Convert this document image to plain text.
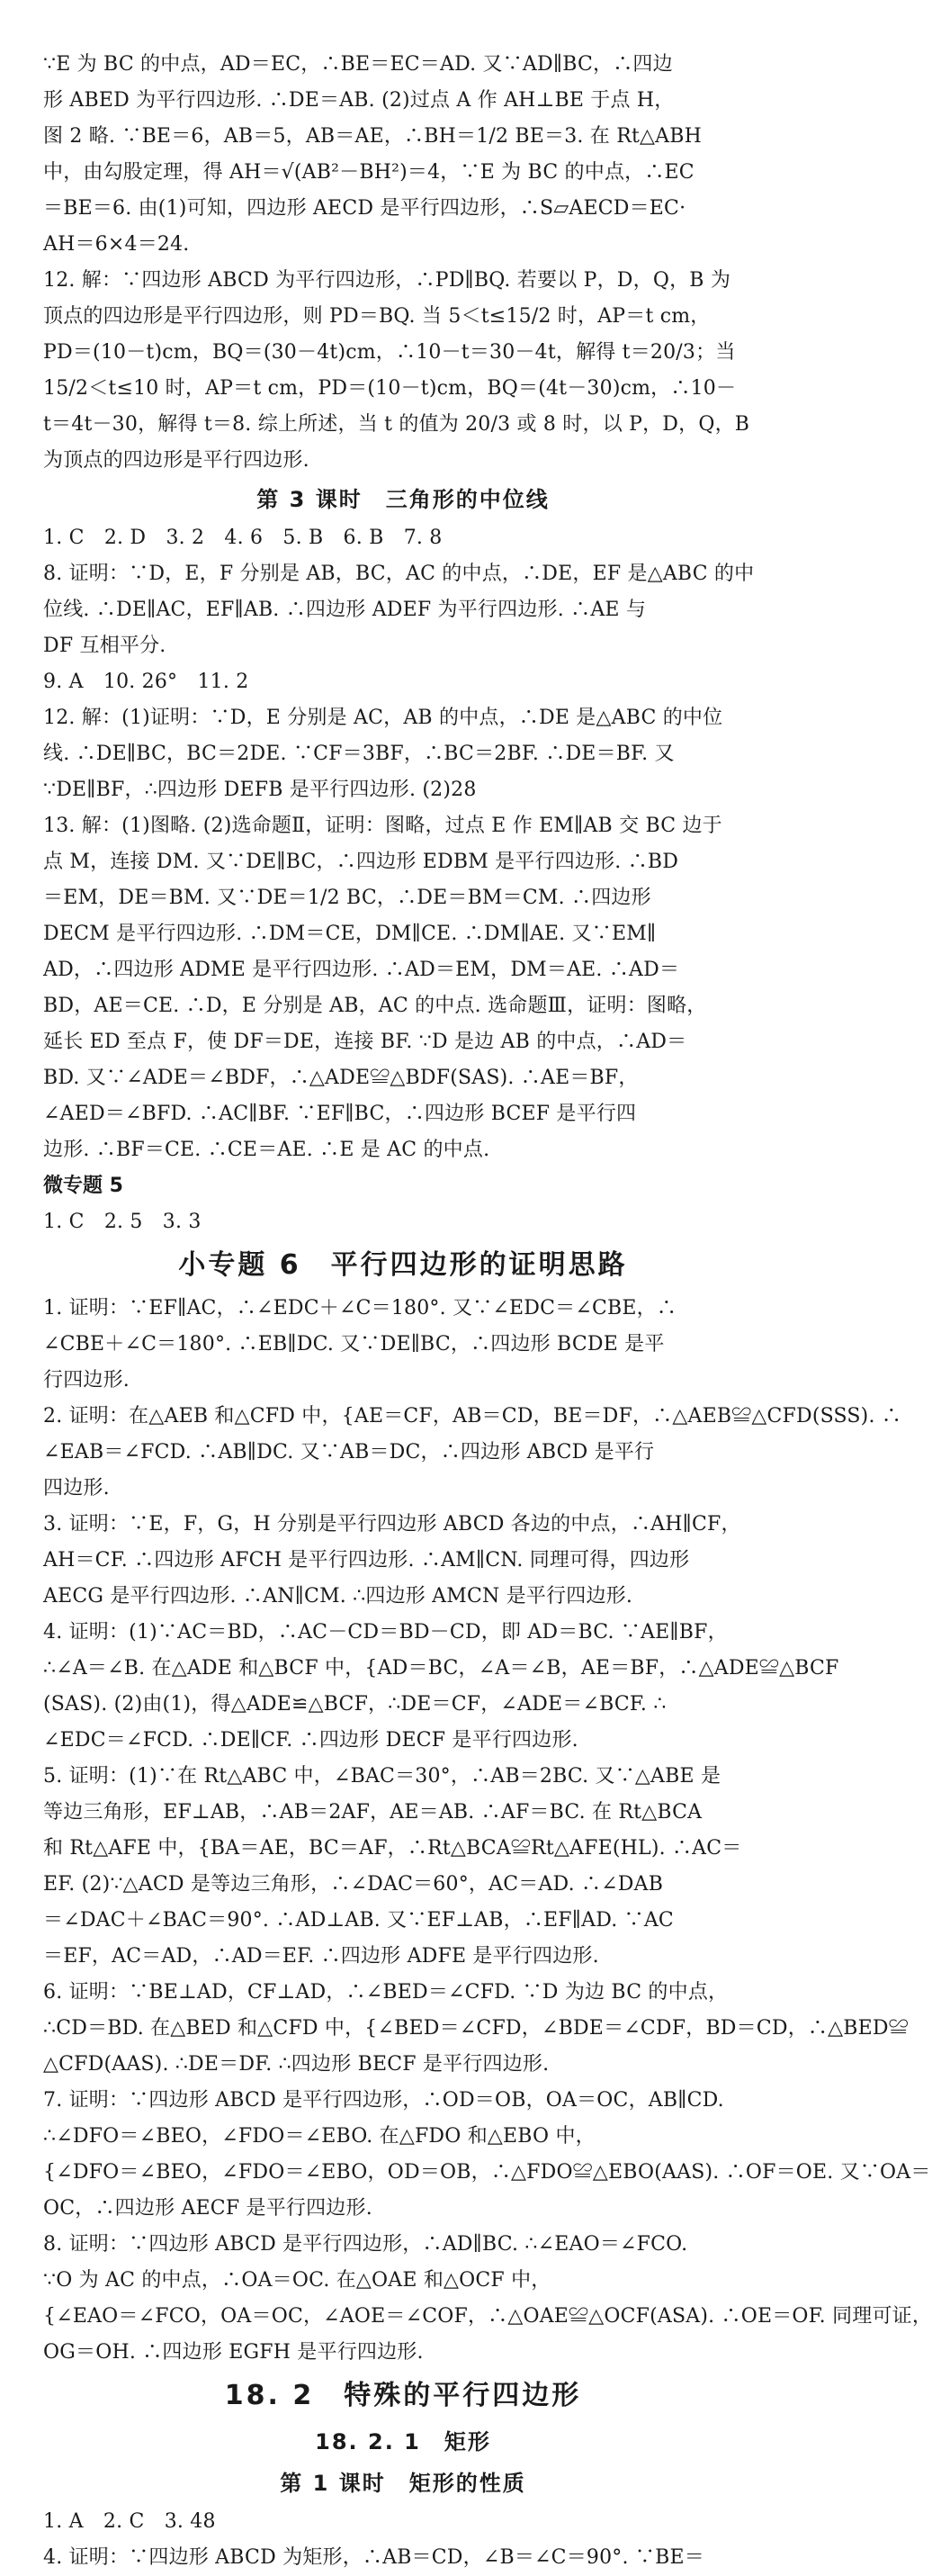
∵E 为 BC 的中点，AD＝EC，∴BE＝EC＝AD. 又∵AD∥BC，∴四边
形 ABED 为平行四边形. ∴DE＝AB. (2)过点 A 作 AH⊥BE 于点 H，
图 2 略. ∵BE＝6，AB＝5，AB＝AE，∴BH＝1/2 BE＝3. 在 Rt△ABH
中，由勾股定理，得 AH＝√(AB²－BH²)＝4，∵E 为 BC 的中点，∴EC
＝BE＝6. 由(1)可知，四边形 AECD 是平行四边形，∴S▱AECD＝EC·
AH＝6×4＝24.
12. 解：∵四边形 ABCD 为平行四边形，∴PD∥BQ. 若要以 P，D，Q，B 为
顶点的四边形是平行四边形，则 PD＝BQ. 当 5＜t≤15/2 时，AP＝t cm，
PD＝(10－t)cm，BQ＝(30－4t)cm，∴10－t＝30－4t，解得 t＝20/3；当
15/2＜t≤10 时，AP＝t cm，PD＝(10－t)cm，BQ＝(4t－30)cm，∴10－
t＝4t－30，解得 t＝8. 综上所述，当 t 的值为 20/3 或 8 时，以 P，D，Q，B
为顶点的四边形是平行四边形.
第 3 课时　三角形的中位线
1. C　2. D　3. 2　4. 6　5. B　6. B　7. 8
8. 证明：∵D，E，F 分别是 AB，BC，AC 的中点，∴DE，EF 是△ABC 的中
位线. ∴DE∥AC，EF∥AB. ∴四边形 ADEF 为平行四边形. ∴AE 与
DF 互相平分.
9. A　10. 26°　11. 2
12. 解：(1)证明：∵D，E 分别是 AC，AB 的中点，∴DE 是△ABC 的中位
线. ∴DE∥BC，BC＝2DE. ∵CF＝3BF，∴BC＝2BF. ∴DE＝BF. 又
∵DE∥BF，∴四边形 DEFB 是平行四边形. (2)28
13. 解：(1)图略. (2)选命题Ⅱ，证明：图略，过点 E 作 EM∥AB 交 BC 边于
点 M，连接 DM. 又∵DE∥BC，∴四边形 EDBM 是平行四边形. ∴BD
＝EM，DE＝BM. 又∵DE＝1/2 BC，∴DE＝BM＝CM. ∴四边形
DECM 是平行四边形. ∴DM＝CE，DM∥CE. ∴DM∥AE. 又∵EM∥
AD，∴四边形 ADME 是平行四边形. ∴AD＝EM，DM＝AE. ∴AD＝
BD，AE＝CE. ∴D，E 分别是 AB，AC 的中点. 选命题Ⅲ，证明：图略，
延长 ED 至点 F，使 DF＝DE，连接 BF. ∵D 是边 AB 的中点，∴AD＝
BD. 又∵∠ADE＝∠BDF，∴△ADE≌△BDF(SAS). ∴AE＝BF，
∠AED＝∠BFD. ∴AC∥BF. ∵EF∥BC，∴四边形 BCEF 是平行四
边形. ∴BF＝CE. ∴CE＝AE. ∴E 是 AC 的中点.
微专题 5
1. C　2. 5　3. 3
小专题 6　平行四边形的证明思路
1. 证明：∵EF∥AC，∴∠EDC＋∠C＝180°. 又∵∠EDC＝∠CBE，∴
∠CBE＋∠C＝180°. ∴EB∥DC. 又∵DE∥BC，∴四边形 BCDE 是平
行四边形.
2. 证明：在△AEB 和△CFD 中，{AE＝CF，AB＝CD，BE＝DF，∴△AEB≌△CFD(SSS). ∴
∠EAB＝∠FCD. ∴AB∥DC. 又∵AB＝DC，∴四边形 ABCD 是平行
四边形.
3. 证明：∵E，F，G，H 分别是平行四边形 ABCD 各边的中点，∴AH∥CF，
AH＝CF. ∴四边形 AFCH 是平行四边形. ∴AM∥CN. 同理可得，四边形
AECG 是平行四边形. ∴AN∥CM. ∴四边形 AMCN 是平行四边形.
4. 证明：(1)∵AC＝BD，∴AC－CD＝BD－CD，即 AD＝BC. ∵AE∥BF，
∴∠A＝∠B. 在△ADE 和△BCF 中，{AD＝BC，∠A＝∠B，AE＝BF，∴△ADE≌△BCF
(SAS). (2)由(1)，得△ADE≌△BCF，∴DE＝CF，∠ADE＝∠BCF. ∴
∠EDC＝∠FCD. ∴DE∥CF. ∴四边形 DECF 是平行四边形.
5. 证明：(1)∵在 Rt△ABC 中，∠BAC＝30°，∴AB＝2BC. 又∵△ABE 是
等边三角形，EF⊥AB，∴AB＝2AF，AE＝AB. ∴AF＝BC. 在 Rt△BCA
和 Rt△AFE 中，{BA＝AE，BC＝AF，∴Rt△BCA≌Rt△AFE(HL). ∴AC＝
EF. (2)∵△ACD 是等边三角形，∴∠DAC＝60°，AC＝AD. ∴∠DAB
＝∠DAC＋∠BAC＝90°. ∴AD⊥AB. 又∵EF⊥AB，∴EF∥AD. ∵AC
＝EF，AC＝AD，∴AD＝EF. ∴四边形 ADFE 是平行四边形.
6. 证明：∵BE⊥AD，CF⊥AD，∴∠BED＝∠CFD. ∵D 为边 BC 的中点，
∴CD＝BD. 在△BED 和△CFD 中，{∠BED＝∠CFD，∠BDE＝∠CDF，BD＝CD，∴△BED≌
△CFD(AAS). ∴DE＝DF. ∴四边形 BECF 是平行四边形.
7. 证明：∵四边形 ABCD 是平行四边形，∴OD＝OB，OA＝OC，AB∥CD.
∴∠DFO＝∠BEO，∠FDO＝∠EBO. 在△FDO 和△EBO 中，
{∠DFO＝∠BEO，∠FDO＝∠EBO，OD＝OB，∴△FDO≌△EBO(AAS). ∴OF＝OE. 又∵OA＝
OC，∴四边形 AECF 是平行四边形.
8. 证明：∵四边形 ABCD 是平行四边形，∴AD∥BC. ∴∠EAO＝∠FCO.
∵O 为 AC 的中点，∴OA＝OC. 在△OAE 和△OCF 中，
{∠EAO＝∠FCO，OA＝OC，∠AOE＝∠COF，∴△OAE≌△OCF(ASA). ∴OE＝OF. 同理可证，
OG＝OH. ∴四边形 EGFH 是平行四边形.
18. 2　特殊的平行四边形
18. 2. 1　矩形
第 1 课时　矩形的性质
1. A　2. C　3. 48
4. 证明：∵四边形 ABCD 为矩形，∴AB＝CD，∠B＝∠C＝90°. ∵BE＝
